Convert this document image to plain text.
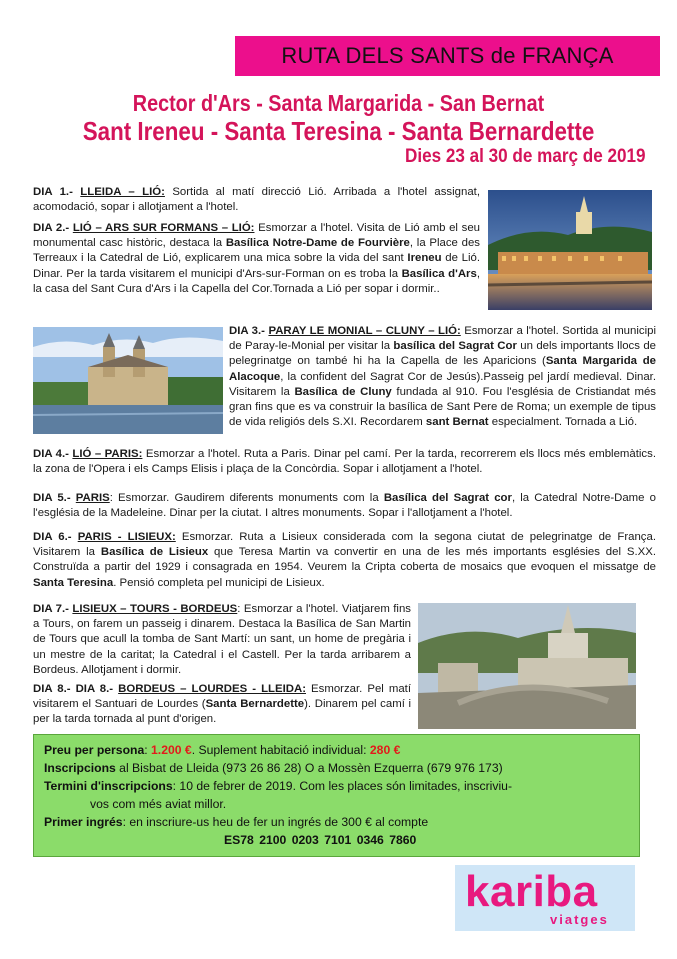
RUTA DELS SANTS de FRANÇA
Rector d'Ars - Santa Margarida - San Bernat
Sant Ireneu - Santa Teresina - Santa Bernardette
Dies 23 al 30 de març de 2019
DIA 1.- LLEIDA – LIÓ: Sortida al matí direcció Lió. Arribada a l'hotel assignat, acomodació, sopar i allotjament a l'hotel.
DIA 2.- LIÓ – ARS SUR FORMANS – LIÓ: Esmorzar a l'hotel. Visita de Lió amb el seu monumental casc històric, destaca la Basílica Notre-Dame de Fourvière, la Place des Terreaux i la Catedral de Lió, explicarem una mica sobre la vida del sant Ireneu de Lió. Dinar. Per la tarda visitarem el municipi d'Ars-sur-Forman on es troba la Basílica d'Ars, la casa del Sant Cura d'Ars i la Capella del Cor.Tornada a Lió per sopar i dormir..
DIA 3.- PARAY LE MONIAL – CLUNY – LIÓ: Esmorzar a l'hotel. Sortida al municipi de Paray-le-Monial per visitar la basílica del Sagrat Cor un dels importants llocs de pelegrinatge on també hi ha la Capella de les Aparicions (Santa Margarida de Alacoque, la confident del Sagrat Cor de Jesús).Passeig pel jardí medieval. Dinar. Visitarem la Basílica de Cluny fundada al 910. Fou l'església de Cristiandat més gran fins que es va construir la basílica de Sant Pere de Roma; un exemple de tipus de vida religiós dels S.XI. Recordarem sant Bernat especialment. Tornada a Lió.
DIA 4.- LIÓ – PARIS: Esmorzar a l'hotel. Ruta a Paris. Dinar pel camí. Per la tarda, recorrerem els llocs més emblemàtics. la zona de l'Opera i els Camps Elisis i plaça de la Concòrdia. Sopar i allotjament a l'hotel.
DIA 5.- PARIS: Esmorzar. Gaudirem diferents monuments com la Basílica del Sagrat cor, la Catedral Notre-Dame o l'església de la Madeleine. Dinar per la ciutat. I altres monuments. Sopar i l'allotjament a l'hotel.
DIA 6.- PARIS - LISIEUX: Esmorzar. Ruta a Lisieux considerada com la segona ciutat de pelegrinatge de França. Visitarem la Basílica de Lisieux que Teresa Martin va convertir en una de les més importants esglésies del S.XX. Construïda a partir del 1929 i consagrada en 1954. Veurem la Cripta coberta de mosaics que evoquen el missatge de Santa Teresina. Pensió completa pel municipi de Lisieux.
DIA 7.- LISIEUX – TOURS - BORDEUS: Esmorzar a l'hotel. Viatjarem fins a Tours, on farem un passeig i dinarem. Destaca la Basílica de San Martin de Tours que acull la tomba de Sant Martí: un sant, un home de pregària i un mestre de la caritat; la Catedral i el Castell. Per la tarda arribarem a Bordeus. Allotjament i dormir.
DIA 8.- DIA 8.- BORDEUS – LOURDES - LLEIDA: Esmorzar. Pel matí visitarem el Santuari de Lourdes (Santa Bernardette). Dinarem pel camí i per la tarda tornada al punt d'origen.
Preu per persona: 1.200 €. Suplement habitació individual: 280 €
Inscripcions al Bisbat de Lleida (973 26 86 28) O a Mossèn Ezquerra (679 976 173)
Termini d'inscripcions: 10 de febrer de 2019. Com les places són limitades, inscriviu-
vos com més aviat millor.
Primer ingrés: en inscriure-us heu de fer un ingrés de 300 € al compte
ES78 2100 0203 7101 0346 7860
kariba
viatges
